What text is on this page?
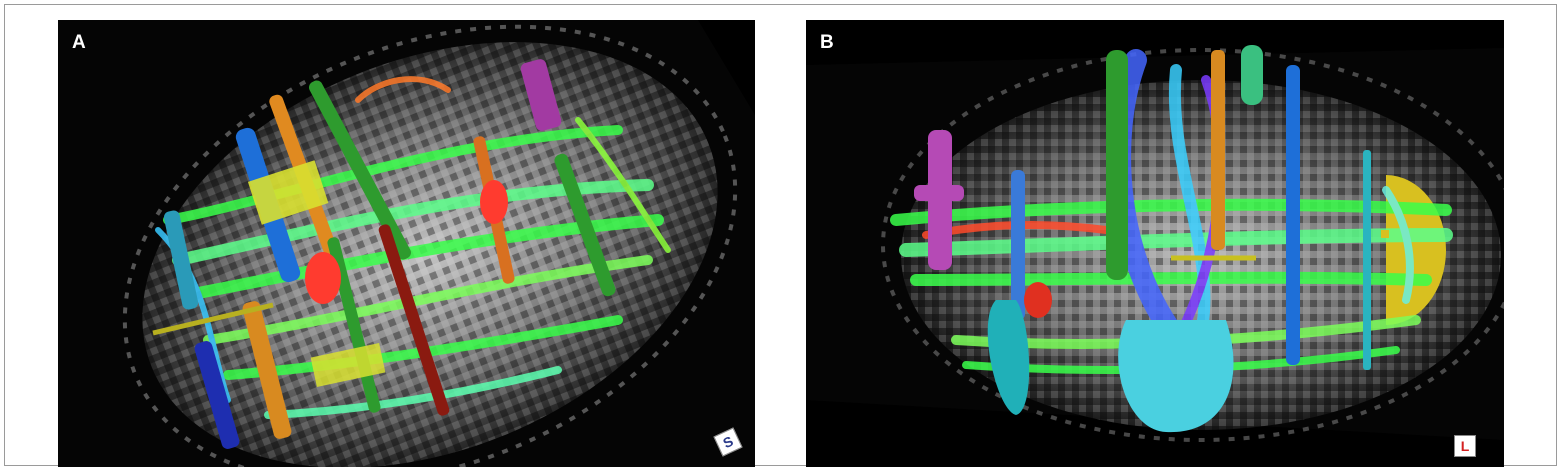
A
S
B
L
